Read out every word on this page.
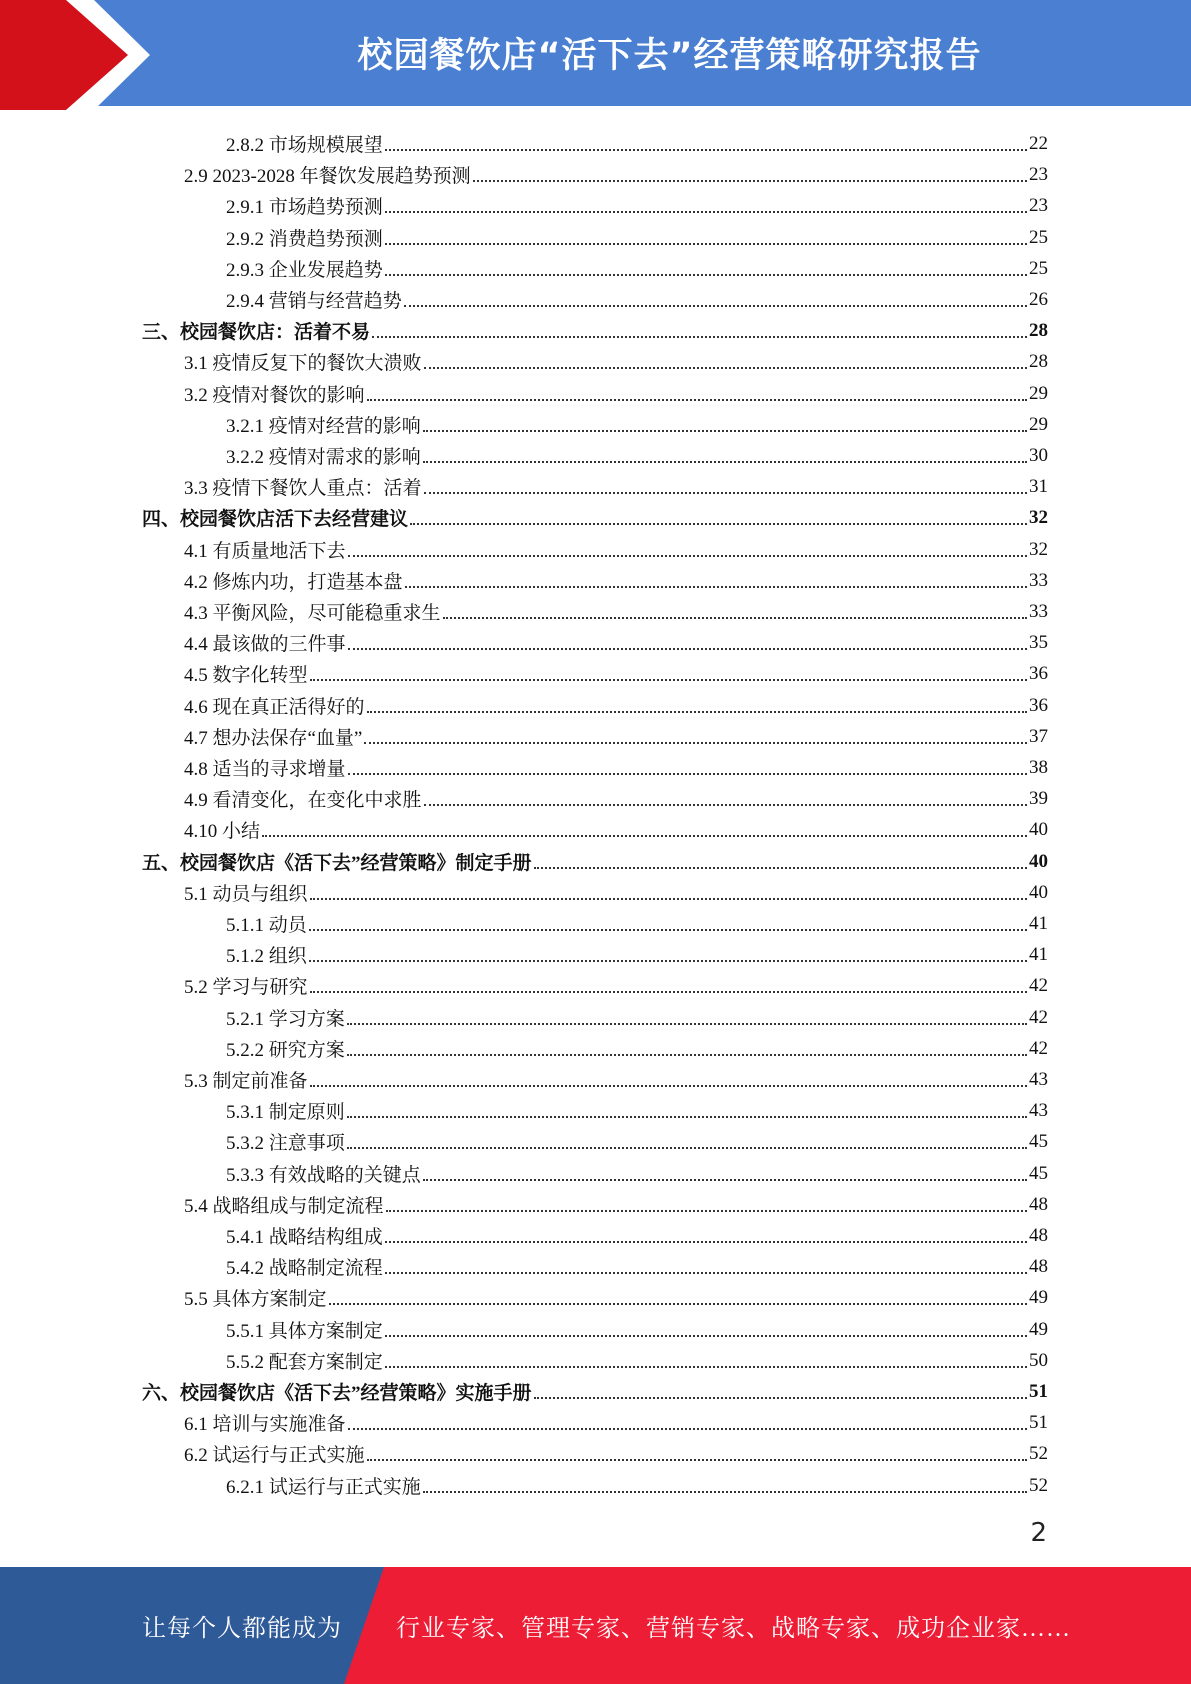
校园餐饮店“活下去”经营策略研究报告
2.8.2 市场规模展望	22
2.9 2023-2028 年餐饮发展趋势预测	23
2.9.1 市场趋势预测	23
2.9.2 消费趋势预测	25
2.9.3 企业发展趋势	25
2.9.4 营销与经营趋势	26
三、校园餐饮店：活着不易	28
3.1 疫情反复下的餐饮大溃败	28
3.2 疫情对餐饮的影响	29
3.2.1 疫情对经营的影响	29
3.2.2 疫情对需求的影响	30
3.3 疫情下餐饮人重点：活着	31
四、校园餐饮店活下去经营建议	32
4.1 有质量地活下去	32
4.2 修炼内功，打造基本盘	33
4.3 平衡风险，尽可能稳重求生	33
4.4 最该做的三件事	35
4.5 数字化转型	36
4.6 现在真正活得好的	36
4.7 想办法保存“血量”	37
4.8 适当的寻求增量	38
4.9 看清变化，在变化中求胜	39
4.10 小结	40
五、校园餐饮店《活下去”经营策略》制定手册	40
5.1 动员与组织	40
5.1.1 动员	41
5.1.2 组织	41
5.2 学习与研究	42
5.2.1 学习方案	42
5.2.2 研究方案	42
5.3 制定前准备	43
5.3.1 制定原则	43
5.3.2 注意事项	45
5.3.3 有效战略的关键点	45
5.4 战略组成与制定流程	48
5.4.1 战略结构组成	48
5.4.2 战略制定流程	48
5.5 具体方案制定	49
5.5.1 具体方案制定	49
5.5.2 配套方案制定	50
六、校园餐饮店《活下去”经营策略》实施手册	51
6.1 培训与实施准备	51
6.2 试运行与正式实施	52
6.2.1 试运行与正式实施	52
2
让每个人都能成为 行业专家、管理专家、营销专家、战略专家、成功企业家……
